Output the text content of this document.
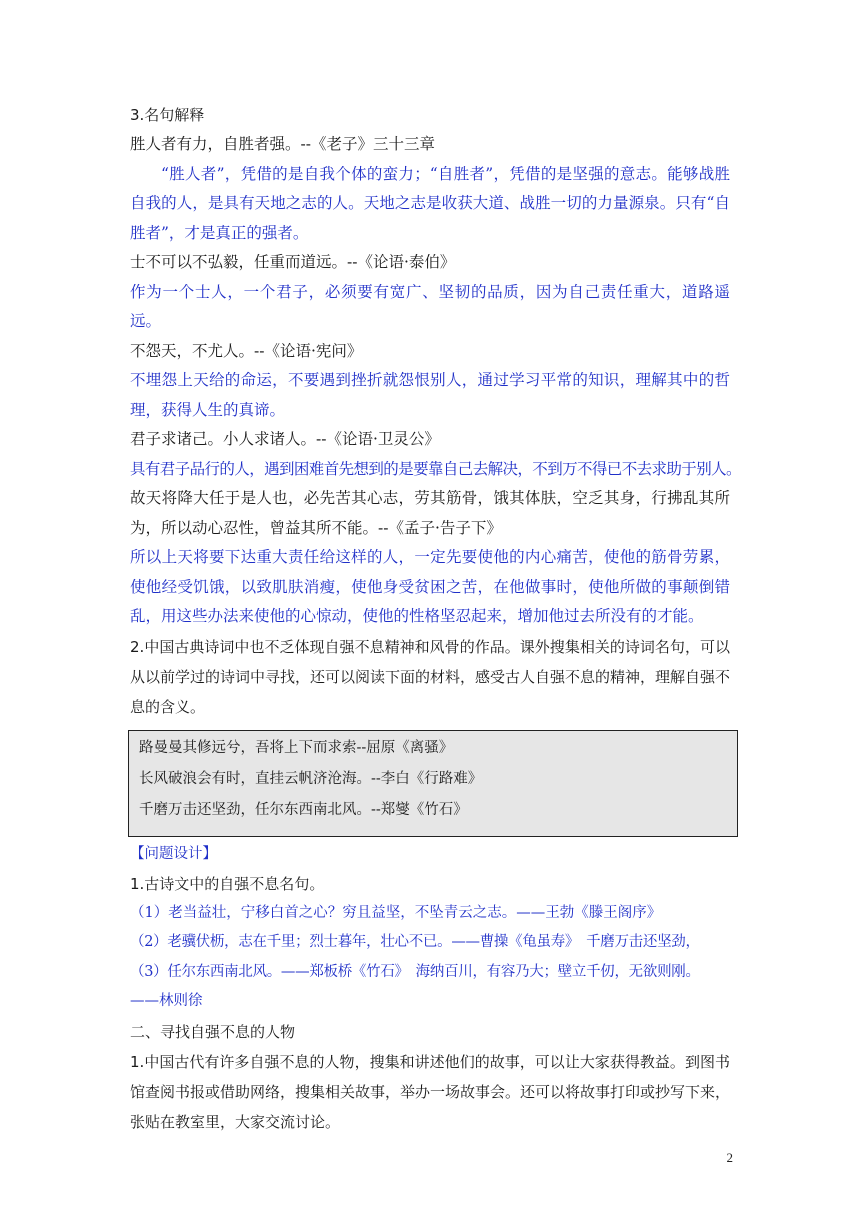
3.名句解释

胜人者有力，自胜者强。--《老子》三十三章

“胜人者”，凭借的是自我个体的蛮力；“自胜者”，凭借的是坚强的意志。能够战胜自我的人，是具有天地之志的人。天地之志是收获大道、战胜一切的力量源泉。只有“自胜者”，才是真正的强者。

士不可以不弘毅，任重而道远。--《论语·泰伯》

作为一个士人，一个君子，必须要有宽广、坚韧的品质，因为自己责任重大，道路遥远。

不怨天，不尤人。--《论语·宪问》

不埋怨上天给的命运，不要遇到挫折就怨恨别人，通过学习平常的知识，理解其中的哲理，获得人生的真谛。

君子求诸己。小人求诸人。--《论语·卫灵公》

具有君子品行的人，遇到困难首先想到的是要靠自己去解决，不到万不得已不去求助于别人。

故天将降大任于是人也，必先苦其心志，劳其筋骨，饿其体肤，空乏其身，行拂乱其所为，所以动心忍性，曾益其所不能。--《孟子·告子下》

所以上天将要下达重大责任给这样的人，一定先要使他的内心痛苦，使他的筋骨劳累，使他经受饥饿，以致肌肤消瘦，使他身受贫困之苦，在他做事时，使他所做的事颠倒错乱，用这些办法来使他的心惊动，使他的性格坚忍起来，增加他过去所没有的才能。

2.中国古典诗词中也不乏体现自强不息精神和风骨的作品。课外搜集相关的诗词名句，可以从以前学过的诗词中寻找，还可以阅读下面的材料，感受古人自强不息的精神，理解自强不息的含义。

路曼曼其修远兮，吾将上下而求索--屈原《离骚》

长风破浪会有时，直挂云帆济沧海。--李白《行路难》

千磨万击还坚劲，任尔东西南北风。--郑燮《竹石》

【问题设计】

1.古诗文中的自强不息名句。

（1）老当益壮，宁移白首之心？穷且益坚，不坠青云之志。——王勃《滕王阁序》

（2）老骥伏枥，志在千里；烈士暮年，壮心不已。——曹操《龟虽寿》　千磨万击还坚劲，

（3）任尔东西南北风。——郑板桥《竹石》　海纳百川，有容乃大；壁立千仞，无欲则刚。

——林则徐

二、寻找自强不息的人物

1.中国古代有许多自强不息的人物，搜集和讲述他们的故事，可以让大家获得教益。到图书馆查阅书报或借助网络，搜集相关故事，举办一场故事会。还可以将故事打印或抄写下来，张贴在教室里，大家交流讨论。

2
